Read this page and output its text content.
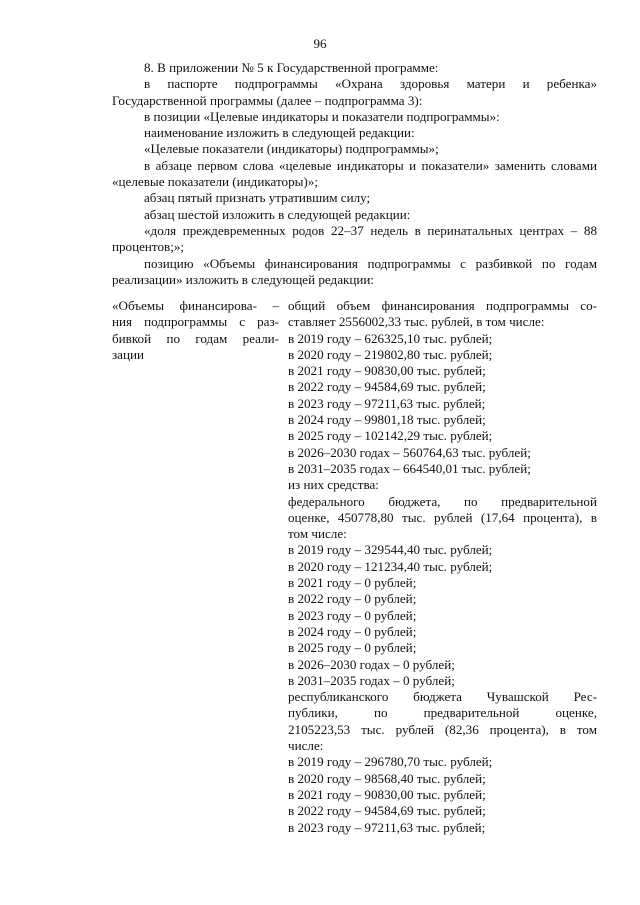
96

8. В приложении № 5 к Государственной программе:

в паспорте подпрограммы «Охрана здоровья матери и ребенка» Государственной программы (далее – подпрограмма 3):

в позиции «Целевые индикаторы и показатели подпрограммы»:

наименование изложить в следующей редакции:

«Целевые показатели (индикаторы) подпрограммы»;

в абзаце первом слова «целевые индикаторы и показатели» заменить словами «целевые показатели (индикаторы)»;

абзац пятый признать утратившим силу;

абзац шестой изложить в следующей редакции:

«доля преждевременных родов 22–37 недель в перинатальных центрах – 88 процентов;»;

позицию «Объемы финансирования подпрограммы с разбивкой по годам реализации» изложить в следующей редакции:

«Объемы финансирова- –
ния подпрограммы с раз-
бивкой по годам реали-
зации
общий объем финансирования подпрограммы со-
ставляет 2556002,33 тыс. рублей, в том числе:
в 2019 году – 626325,10 тыс. рублей;
в 2020 году – 219802,80 тыс. рублей;
в 2021 году – 90830,00 тыс. рублей;
в 2022 году – 94584,69 тыс. рублей;
в 2023 году – 97211,63 тыс. рублей;
в 2024 году – 99801,18 тыс. рублей;
в 2025 году – 102142,29 тыс. рублей;
в 2026–2030 годах – 560764,63 тыс. рублей;
в 2031–2035 годах – 664540,01 тыс. рублей;
из них средства:
федерального бюджета, по предварительной
оценке, 450778,80 тыс. рублей (17,64 процента), в
том числе:
в 2019 году – 329544,40 тыс. рублей;
в 2020 году – 121234,40 тыс. рублей;
в 2021 году – 0 рублей;
в 2022 году – 0 рублей;
в 2023 году – 0 рублей;
в 2024 году – 0 рублей;
в 2025 году – 0 рублей;
в 2026–2030 годах – 0 рублей;
в 2031–2035 годах – 0 рублей;
республиканского бюджета Чувашской Рес-
публики, по предварительной оценке,
2105223,53 тыс. рублей (82,36 процента), в том
числе:
в 2019 году – 296780,70 тыс. рублей;
в 2020 году – 98568,40 тыс. рублей;
в 2021 году – 90830,00 тыс. рублей;
в 2022 году – 94584,69 тыс. рублей;
в 2023 году – 97211,63 тыс. рублей;
